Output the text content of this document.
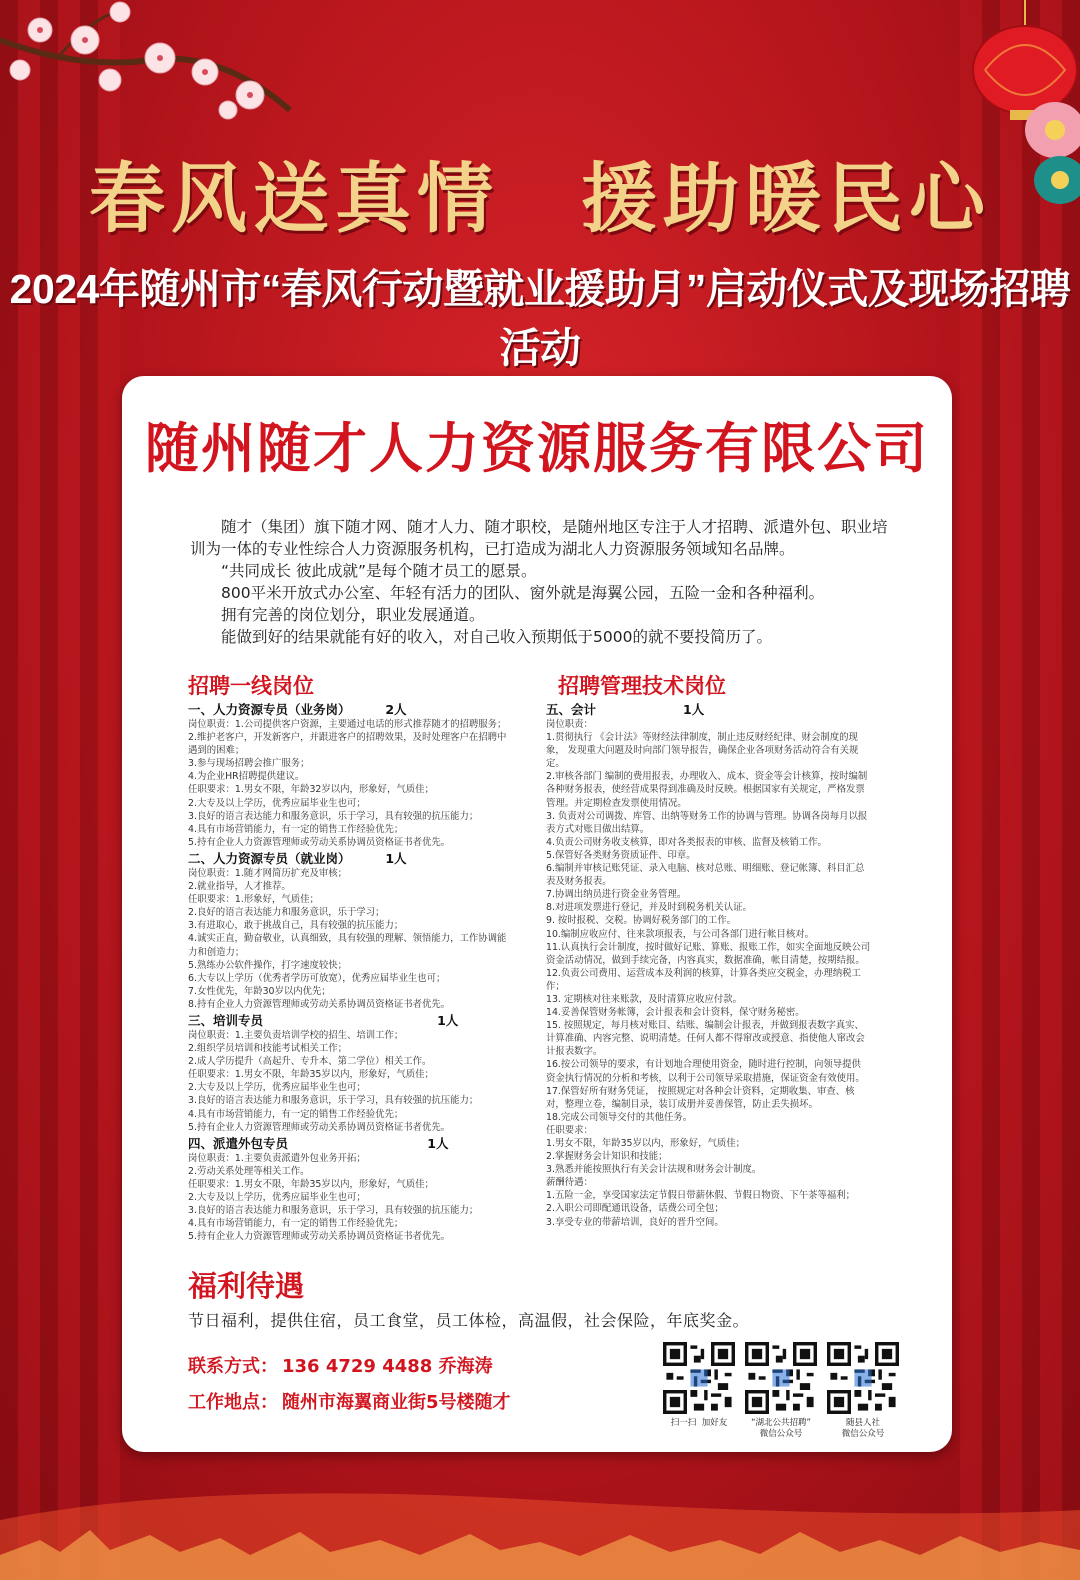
春风送真情　援助暖民心
2024年随州市“春风行动暨就业援助月”启动仪式及现场招聘活动
随州随才人力资源服务有限公司

随才（集团）旗下随才网、随才人力、随才职校，是随州地区专注于人才招聘、派遣外包、职业培训为一体的专业性综合人力资源服务机构，已打造成为湖北人力资源服务领域知名品牌。

“共同成长 彼此成就”是每个随才员工的愿景。

800平米开放式办公室、年轻有活力的团队、窗外就是海翼公园，五险一金和各种福利。

拥有完善的岗位划分，职业发展通道。

能做到好的结果就能有好的收入，对自己收入预期低于5000的就不要投简历了。

招聘一线岗位	招聘管理技术岗位
一、人力资源专员（业务岗）        2人
岗位职责：1.公司提供客户资源，主要通过电话的形式推荐随才的招聘服务；
2.维护老客户，开发新客户，并跟进客户的招聘效果，及时处理客户在招聘中
遇到的困难；
3.参与现场招聘会推广服务；
4.为企业HR招聘提供建议。
任职要求：1.男女不限，年龄32岁以内，形象好，气质佳；
2.大专及以上学历，优秀应届毕业生也可；
3.良好的语言表达能力和服务意识，乐于学习，具有较强的抗压能力；
4.具有市场营销能力，有一定的销售工作经验优先；
5.持有企业人力资源管理师或劳动关系协调员资格证书者优先。
二、人力资源专员（就业岗）        1人
岗位职责：1.随才网简历扩充及审核；
2.就业指导，人才推荐。
任职要求：1.形象好，气质佳；
2.良好的语言表达能力和服务意识，乐于学习；
3.有进取心，敢于挑战自己，具有较强的抗压能力；
4.诚实正直，勤奋敬业，认真细致，具有较强的理解、领悟能力，工作协调能
力和创造力；
5.熟练办公软件操作，打字速度较快；
6.大专以上学历（优秀者学历可放宽），优秀应届毕业生也可；
7.女性优先，年龄30岁以内优先；
8.持有企业人力资源管理师或劳动关系协调员资格证书者优先。
三、培训专员                                        1人
岗位职责：1.主要负责培训学校的招生、培训工作；
2.组织学员培训和技能考试相关工作；
2.成人学历提升（高起升、专升本、第二学位）相关工作。
任职要求：1.男女不限，年龄35岁以内，形象好，气质佳；
2.大专及以上学历，优秀应届毕业生也可；
3.良好的语言表达能力和服务意识，乐于学习，具有较强的抗压能力；
4.具有市场营销能力，有一定的销售工作经验优先；
5.持有企业人力资源管理师或劳动关系协调员资格证书者优先。
四、派遣外包专员                                1人
岗位职责：1.主要负责派遣外包业务开拓；
2.劳动关系处理等相关工作。
任职要求：1.男女不限，年龄35岁以内，形象好，气质佳；
2.大专及以上学历，优秀应届毕业生也可；
3.良好的语言表达能力和服务意识，乐于学习，具有较强的抗压能力；
4.具有市场营销能力，有一定的销售工作经验优先；
5.持有企业人力资源管理师或劳动关系协调员资格证书者优先。
五、会计                    1人
岗位职责：
1.贯彻执行 《会计法》等财经法律制度，制止违反财经纪律、财会制度的现
象， 发现重大问题及时向部门领导报告，确保企业各项财务活动符合有关规
定。
2.审核各部门 编制的费用报表，办理收入、成本、资金等会计核算，按时编制
各种财务报表，使经营成果得到准确及时反映。根据国家有关规定，严格发票
管理。并定期检查发票使用情况。
3. 负责对公司调拨、库管、出纳等财务工作的协调与管理。协调各岗每月以报
表方式对账目做出结算。
4.负责公司财务收支核算，即对各类报表的审核、监督及核销工作。
5.保管好各类财务资质证件、印章。
6.编制并审核记账凭证、录入电脑、核对总账、明细账、登记帐簿、科目汇总
表及财务报表。
7.协调出纳员进行资金业务管理。
8.对进项发票进行登记，并及时到税务机关认证。
9. 按时报税、交税。协调好税务部门的工作。
10.编制应收应付、往来款项报表，与公司各部门进行帐目核对。
11.认真执行会计制度，按时做好记账、算账、报账工作，如实全面地反映公司
资金活动情况，做到手续完备，内容真实，数据准确，帐目清楚，按期结报。
12.负责公司费用、运营成本及利润的核算，计算各类应交税金，办理纳税工
作；
13. 定期核对往来账款，及时清算应收应付款。
14.妥善保管财务帐簿，会计报表和会计资料，保守财务秘密。
15. 按照规定，每月核对账目、结账、编制会计报表，并做到报表数字真实、
计算准确、内容完整、说明清楚。任何人都不得窜改或授意、指使他人窜改会
计报表数字。
16.按公司领导的要求，有计划地合理使用资金，随时进行控制，向领导提供
资金执行情况的分析和考核，以利于公司领导采取措施，保证资金有效使用。
17.保管好所有财务凭证， 按照规定对各种会计资料，定期收集、审查、核
对，整理立卷，编制目录，装订成册并妥善保管，防止丢失损坏。
18.完成公司领导交付的其他任务。
任职要求：
1.男女不限，年龄35岁以内，形象好，气质佳；
2.掌握财务会计知识和技能；
3.熟悉并能按照执行有关会计法规和财务会计制度。
薪酬待遇：
1.五险一金，享受国家法定节假日带薪休假、节假日物资、下午茶等福利；
2.入职公司即配通讯设备，话费公司全包；
3.享受专业的带薪培训，良好的晋升空间。
福利待遇
节日福利，提供住宿，员工食堂，员工体检，高温假，社会保险，年底奖金。
联系方式： 136 4729 4488 乔海涛
工作地点： 随州市海翼商业街5号楼随才
扫一扫  加好友	“湖北公共招聘”
微信公众号
随县人社
微信公众号
